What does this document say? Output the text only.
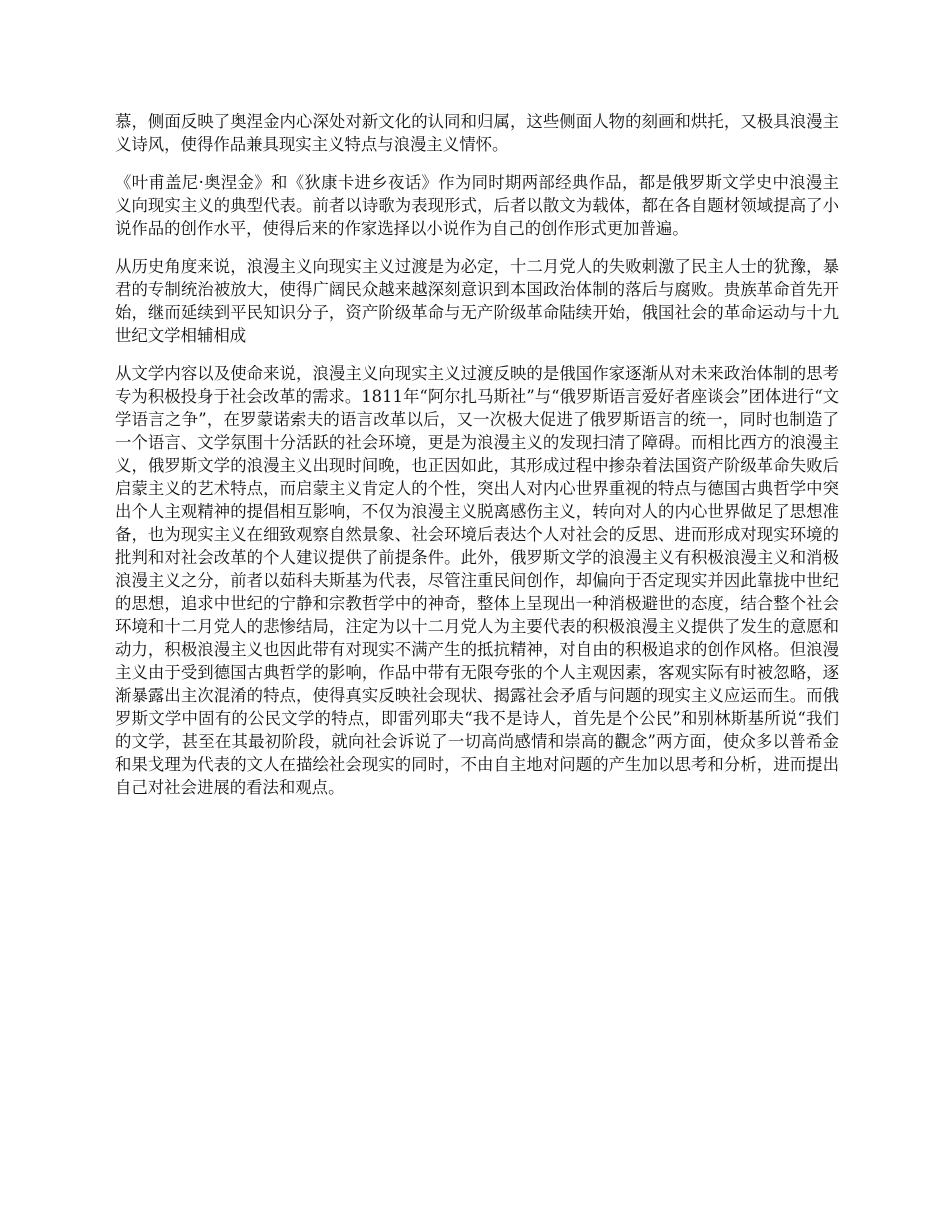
慕，侧面反映了奥涅金内心深处对新文化的认同和归属，这些侧面人物的刻画和烘托，又极具浪漫主义诗风，使得作品兼具现实主义特点与浪漫主义情怀。

《叶甫盖尼·奥涅金》和《狄康卡进乡夜话》作为同时期两部经典作品，都是俄罗斯文学史中浪漫主义向现实主义的典型代表。前者以诗歌为表现形式，后者以散文为载体，都在各自题材领域提高了小说作品的创作水平，使得后来的作家选择以小说作为自己的创作形式更加普遍。

从历史角度来说，浪漫主义向现实主义过渡是为必定，十二月党人的失败刺激了民主人士的犹豫，暴君的专制统治被放大，使得广阔民众越来越深刻意识到本国政治体制的落后与腐败。贵族革命首先开始，继而延续到平民知识分子，资产阶级革命与无产阶级革命陆续开始，俄国社会的革命运动与十九世纪文学相辅相成

从文学内容以及使命来说，浪漫主义向现实主义过渡反映的是俄国作家逐渐从对未来政治体制的思考专为积极投身于社会改革的需求。1811年“阿尔扎马斯社”与“俄罗斯语言爱好者座谈会”团体进行“文学语言之争”，在罗蒙诺索夫的语言改革以后，又一次极大促进了俄罗斯语言的统一，同时也制造了一个语言、文学氛围十分活跃的社会环境，更是为浪漫主义的发现扫清了障碍。而相比西方的浪漫主义，俄罗斯文学的浪漫主义出现时间晚，也正因如此，其形成过程中掺杂着法国资产阶级革命失败后启蒙主义的艺术特点，而启蒙主义肯定人的个性，突出人对内心世界重视的特点与德国古典哲学中突出个人主观精神的提倡相互影响，不仅为浪漫主义脱离感伤主义，转向对人的内心世界做足了思想准备，也为现实主义在细致观察自然景象、社会环境后表达个人对社会的反思、进而形成对现实环境的批判和对社会改革的个人建议提供了前提条件。此外，俄罗斯文学的浪漫主义有积极浪漫主义和消极浪漫主义之分，前者以茹科夫斯基为代表，尽管注重民间创作，却偏向于否定现实并因此靠拢中世纪的思想，追求中世纪的宁静和宗教哲学中的神奇，整体上呈现出一种消极避世的态度，结合整个社会环境和十二月党人的悲惨结局，注定为以十二月党人为主要代表的积极浪漫主义提供了发生的意愿和动力，积极浪漫主义也因此带有对现实不满产生的抵抗精神，对自由的积极追求的创作风格。但浪漫主义由于受到德国古典哲学的影响，作品中带有无限夸张的个人主观因素，客观实际有时被忽略，逐渐暴露出主次混淆的特点，使得真实反映社会现状、揭露社会矛盾与问题的现实主义应运而生。而俄罗斯文学中固有的公民文学的特点，即雷列耶夫“我不是诗人，首先是个公民”和别林斯基所说“我们的文学，甚至在其最初阶段，就向社会诉说了一切高尚感情和崇高的觀念”两方面，使众多以普希金和果戈理为代表的文人在描绘社会现实的同时，不由自主地对问题的产生加以思考和分析，进而提出自己对社会进展的看法和观点。
